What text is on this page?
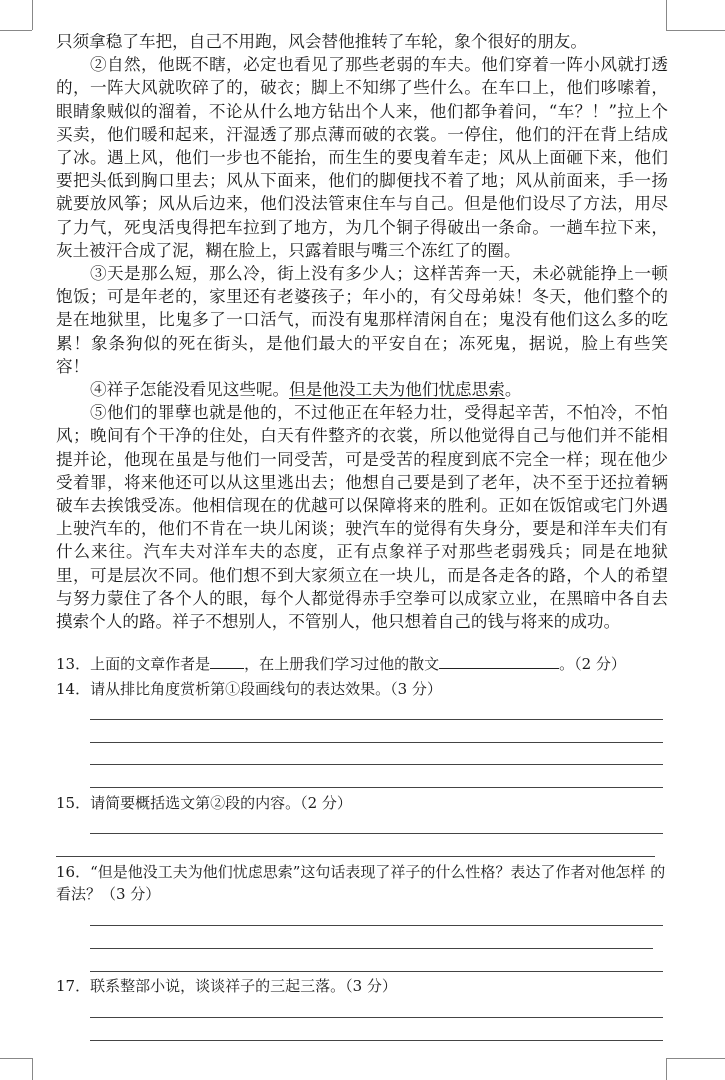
只须拿稳了车把，自己不用跑，风会替他推转了车轮，象个很好的朋友。

②自然，他既不瞎，必定也看见了那些老弱的车夫。他们穿着一阵小风就打透的，一阵大风就吹碎了的，破衣；脚上不知绑了些什么。在车口上，他们哆嗦着，眼睛象贼似的溜着，不论从什么地方钻出个人来，他们都争着问，“车？！”拉上个买卖，他们暖和起来，汗湿透了那点薄而破的衣裳。一停住，他们的汗在背上结成了冰。遇上风，他们一步也不能抬，而生生的要曳着车走；风从上面砸下来，他们要把头低到胸口里去；风从下面来，他们的脚便找不着了地；风从前面来，手一扬就要放风筝；风从后边来，他们没法管束住车与自己。但是他们设尽了方法，用尽了力气，死曳活曳得把车拉到了地方，为几个铜子得破出一条命。一趟车拉下来，灰土被汗合成了泥，糊在脸上，只露着眼与嘴三个冻红了的圈。

③天是那么短，那么冷，街上没有多少人；这样苦奔一天，未必就能挣上一顿饱饭；可是年老的，家里还有老婆孩子；年小的，有父母弟妹！冬天，他们整个的是在地狱里，比鬼多了一口活气，而没有鬼那样清闲自在；鬼没有他们这么多的吃累！象条狗似的死在街头，是他们最大的平安自在；冻死鬼，据说，脸上有些笑容！

④祥子怎能没看见这些呢。但是他没工夫为他们忧虑思索。

⑤他们的罪孽也就是他的，不过他正在年轻力壮，受得起辛苦，不怕冷，不怕风；晚间有个干净的住处，白天有件整齐的衣裳，所以他觉得自己与他们并不能相提并论，他现在虽是与他们一同受苦，可是受苦的程度到底不完全一样；现在他少受着罪，将来他还可以从这里逃出去；他想自己要是到了老年，决不至于还拉着辆破车去挨饿受冻。他相信现在的优越可以保障将来的胜利。正如在饭馆或宅门外遇上驶汽车的，他们不肯在一块儿闲谈；驶汽车的觉得有失身分，要是和洋车夫们有什么来往。汽车夫对洋车夫的态度，正有点象祥子对那些老弱残兵；同是在地狱里，可是层次不同。他们想不到大家须立在一块儿，而是各走各的路，个人的希望与努力蒙住了各个人的眼，每个人都觉得赤手空拳可以成家立业，在黑暗中各自去摸索个人的路。祥子不想别人，不管别人，他只想着自己的钱与将来的成功。

13．上面的文章作者是 ，在上册我们学习过他的散文	。（2 分）

14．请从排比角度赏析第①段画线句的表达效果。（3 分）

15．请简要概括选文第②段的内容。（2 分）

16．“但是他没工夫为他们忧虑思索”这句话表现了祥子的什么性格？表达了作者对他怎样 的看法？（3 分）

17．联系整部小说，谈谈祥子的三起三落。（3 分）
